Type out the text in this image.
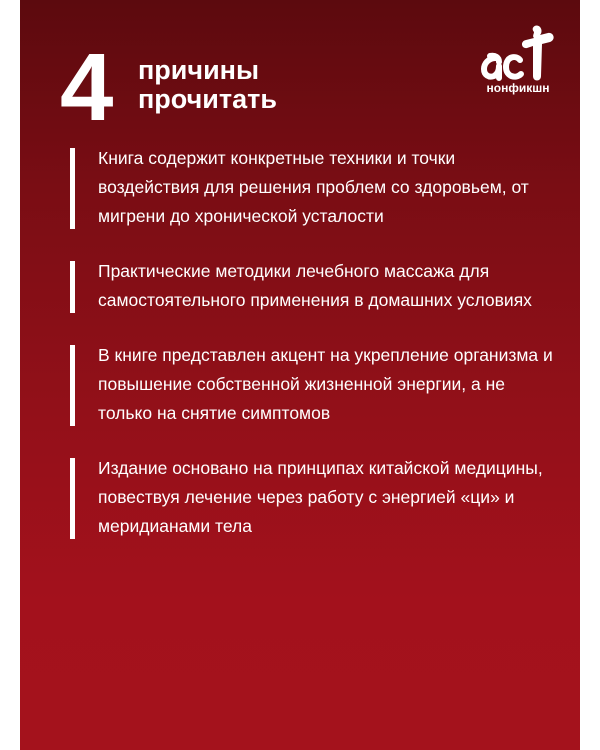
4 причины
прочитать	нонфикшн
Книга содержит конкретные техники и точки воздействия для решения проблем со здоровьем, от мигрени до хронической усталости
Практические методики лечебного массажа для самостоятельного применения в домашних условиях
В книге представлен акцент на укрепление организма и повышение собственной жизненной энергии, а не только на снятие симптомов
Издание основано на принципах китайской медицины, повествуя лечение через работу с энергией «ци» и меридианами тела
